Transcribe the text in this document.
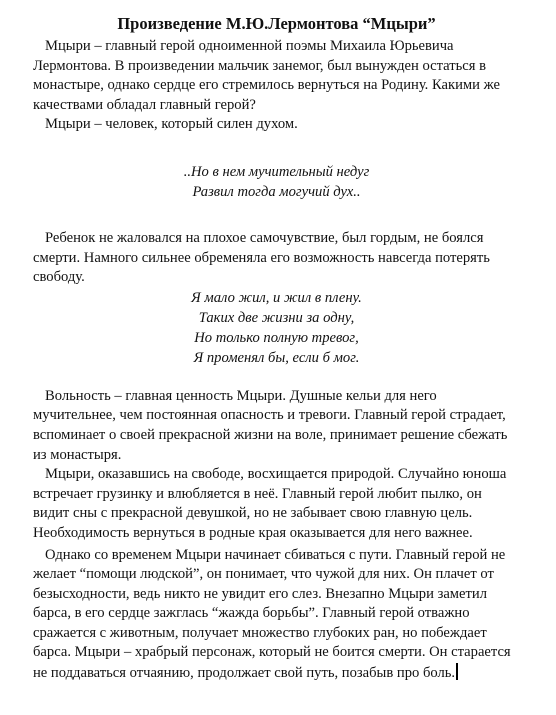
Произведение М.Ю.Лермонтова “Мцыри”

Мцыри – главный герой одноименной поэмы Михаила Юрьевича Лермонтова. В произведении мальчик занемог, был вынужден остаться в монастыре, однако сердце его стремилось вернуться на Родину. Какими же качествами обладал главный герой?

Мцыри – человек, который силен духом.

..Но в нем мучительный недуг
Развил тогда могучий дух..

Ребенок не жаловался на плохое самочувствие, был гордым, не боялся смерти. Намного сильнее обременяла его возможность навсегда потерять свободу.

Я мало жил, и жил в плену.
Таких две жизни за одну,
Но только полную тревог,
Я променял бы, если б мог.

Вольность – главная ценность Мцыри. Душные кельи для него мучительнее, чем постоянная опасность и тревоги. Главный герой страдает, вспоминает о своей прекрасной жизни на воле, принимает решение сбежать из монастыря.

Мцыри, оказавшись на свободе, восхищается природой. Случайно юноша встречает грузинку и влюбляется в неё. Главный герой любит пылко, он видит сны с прекрасной девушкой, но не забывает свою главную цель. Необходимость вернуться в родные края оказывается для него важнее.

Однако со временем Мцыри начинает сбиваться с пути. Главный герой не желает “помощи людской”, он понимает, что чужой для них. Он плачет от безысходности, ведь никто не увидит его слез. Внезапно Мцыри заметил барса, в его сердце зажглась “жажда борьбы”. Главный герой отважно сражается с животным, получает множество глубоких ран, но побеждает барса. Мцыри – храбрый персонаж, который не боится смерти. Он старается не поддаваться отчаянию, продолжает свой путь, позабыв про боль.
